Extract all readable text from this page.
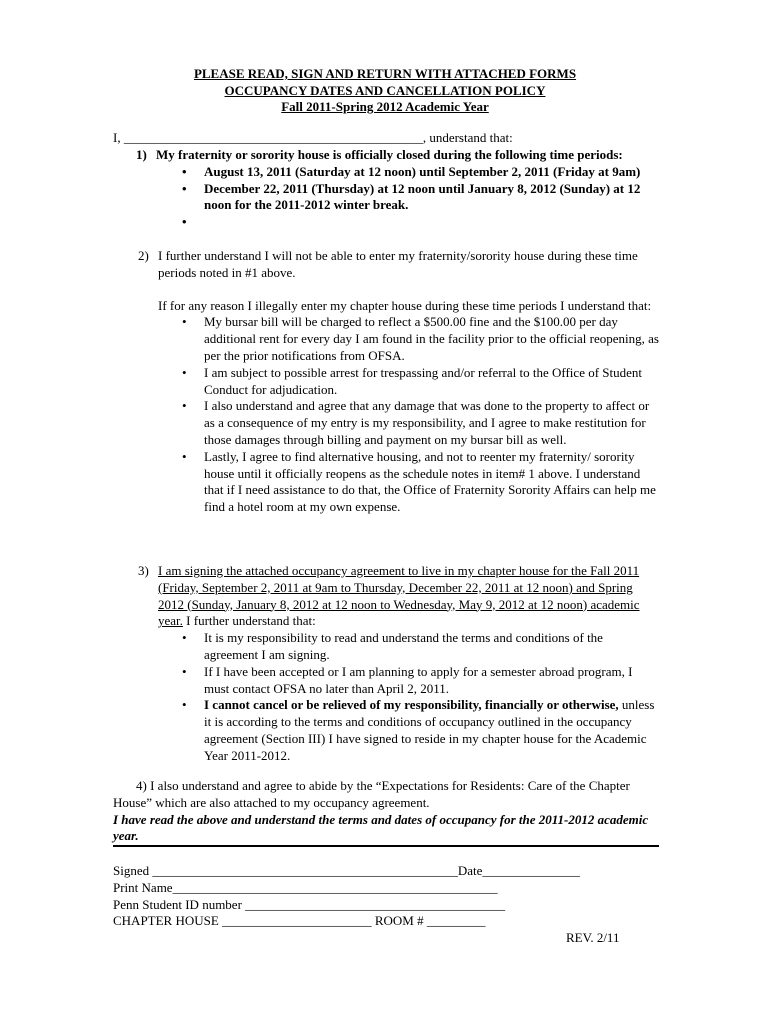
PLEASE READ, SIGN AND RETURN WITH ATTACHED FORMS
OCCUPANCY DATES AND CANCELLATION POLICY
Fall 2011-Spring 2012 Academic Year
I, ______________________________________________, understand that:
1) My fraternity or sorority house is officially closed during the following time periods:
• August 13, 2011 (Saturday at 12 noon) until September 2, 2011 (Friday at 9am)
• December 22, 2011 (Thursday) at 12 noon until January 8, 2012 (Sunday) at 12 noon for the 2011-2012 winter break.
•

2) I further understand I will not be able to enter my fraternity/sorority house during these time periods noted in #1 above.
If for any reason I illegally enter my chapter house during these time periods I understand that:
• My bursar bill will be charged to reflect a $500.00 fine and the $100.00 per day additional rent for every day I am found in the facility prior to the official reopening, as per the prior notifications from OFSA.
• I am subject to possible arrest for trespassing and/or referral to the Office of Student Conduct for adjudication.
• I also understand and agree that any damage that was done to the property to affect or as a consequence of my entry is my responsibility, and I agree to make restitution for those damages through billing and payment on my bursar bill as well.
• Lastly, I agree to find alternative housing, and not to reenter my fraternity/ sorority house until it officially reopens as the schedule notes in item# 1 above. I understand that if I need assistance to do that, the Office of Fraternity Sorority Affairs can help me find a hotel room at my own expense.
3) I am signing the attached occupancy agreement to live in my chapter house for the Fall 2011 (Friday, September 2, 2011 at 9am to Thursday, December 22, 2011 at 12 noon) and Spring 2012 (Sunday, January 8, 2012 at 12 noon to Wednesday, May 9, 2012 at 12 noon) academic year. I further understand that:
• It is my responsibility to read and understand the terms and conditions of the agreement I am signing.
• If I have been accepted or I am planning to apply for a semester abroad program, I must contact OFSA no later than April 2, 2011.
• I cannot cancel or be relieved of my responsibility, financially or otherwise, unless it is according to the terms and conditions of occupancy outlined in the occupancy agreement (Section III) I have signed to reside in my chapter house for the Academic Year 2011-2012.
4) I also understand and agree to abide by the “Expectations for Residents: Care of the Chapter House” which are also attached to my occupancy agreement.
I have read the above and understand the terms and dates of occupancy for the 2011-2012 academic year.
Signed _______________________________________________Date_______________
Print Name__________________________________________________
Penn Student ID number ________________________________________
CHAPTER HOUSE _______________________ ROOM # _________
REV. 2/11
